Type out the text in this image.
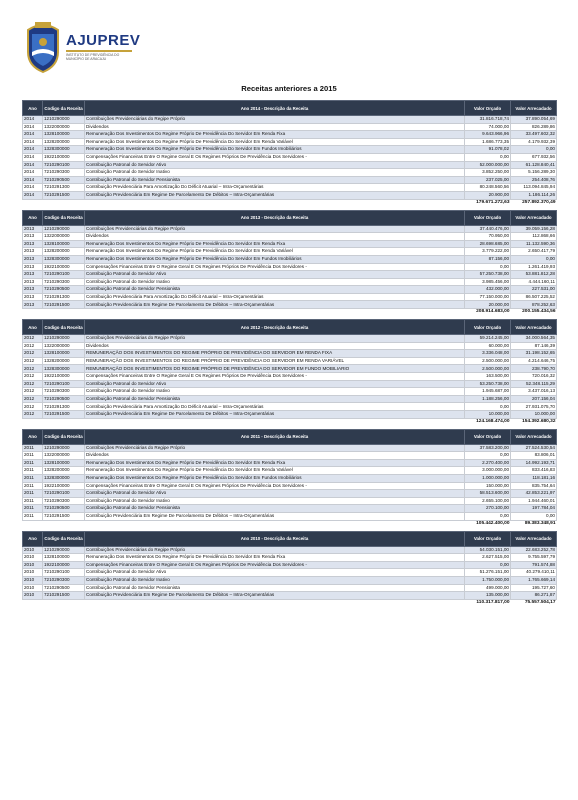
AJUPREV
INSTITUTO DE PREVIDÊNCIA DO MUNICÍPIO DE ARACAJU
Receitas anteriores a 2015
Ano	Codigo da Receita	Ano 2014 - Descrição da Receita	Valor Orçado	Valor Arrecadado
2014	1210290000	Contribuições Previdenciárias do Regipe Próprio	31.816.718,74	37.890.054,69
2014	1322000000	Dividendos	74.000,00	826.289,86
2014	1328100000	Remuneração Dos Investimentos Do Regime Próprio De Previdência Do Servidor Em Renda Fixa	9.643.966,96	33.497.602,32
2014	1328200000	Remuneração Dos Investimentos Do Regime Próprio De Previdência Do Servidor Em Renda Variável	1.686.773,35	4.179.932,39
2014	1328300000	Remuneração Dos Investimentos Do Regime Próprio De Previdência Do Servidor Em Fundos Imobiliários	91.078,02	0,00
2014	1922100000	Compensações Financeiras Entre O Regime Geral E Os Regimes Próprios De Previdência Dos Servidores -	0,00	677.932,56
2014	7210290100	Contribuição Patronal do Servidor Ativo	52.000.000,00	61.128.840,41
2014	7210290300	Contribuição Patronal do Servidor Inativo	3.852.250,00	5.156.289,30
2014	7210290500	Contribuição Patronal do Servidor Pensionista	237.025,00	254.408,76
2014	7210291300	Contribuição Previdenciária Para Amortização Do Déficit Atuarial – Intra-Orçamentárias	80.248.560,56	113.094.845,94
2014	7210291500	Contribuição Previdenciária Em Regime De Parcelamento De Débitos – Intra-Orçamentárias	20.900,00	1.186.114,26
			179.671.272,63	257.892.370,49
Ano	Codigo da Receita	Ano 2013 - Descrição da Receita	Valor Orçado	Valor Arrecadado
2013	1210290000	Contribuições Previdenciárias do Regipe Próprio	37.440.476,00	39.059.156,28
2013	1322000000	Dividendos	70.950,00	112.868,66
2013	1328100000	Remuneração Dos Investimentos Do Regime Próprio De Previdência Do Servidor Em Renda Fixa	28.698.685,00	11.132.590,36
2013	1328200000	Remuneração Dos Investimentos Do Regime Próprio De Previdência Do Servidor Em Renda Variável	3.779.222,00	2.650.417,79
2013	1328300000	Remuneração Dos Investimentos Do Regime Próprio De Previdência Do Servidor Em Fundos Imobiliários	87.156,00	0,00
2013	1922100000	Compensações Financeiras Entre O Regime Geral E Os Regimes Próprios De Previdência Dos Servidores -	0,00	1.261.419,93
2013	7210290100	Contribuição Patronal do Servidor Ativo	57.250.738,00	53.881.812,28
2013	7210290300	Contribuição Patronal do Servidor Inativo	3.985.456,00	4.444.160,11
2013	7210290500	Contribuição Patronal do Servidor Pensionista	432.000,00	227.531,00
2013	7210291300	Contribuição Previdenciária Para Amortização Do Déficit Atuarial – Intra-Orçamentárias	77.150.000,00	86.507.225,52
2013	7210291500	Contribuição Previdenciária Em Regime De Parcelamento De Débitos – Intra-Orçamentárias	20.000,00	878.252,63
			208.914.683,00	200.155.434,56
Ano	Codigo da Receita	Ano 2012 - Descrição da Receita	Valor Orçado	Valor Arrecadado
2012	1210290000	Contribuições Previdenciárias do Regipe Próprio	59.214.245,00	34.000.564,35
2012	1322000000	Dividendos	60.000,00	87.146,39
2012	1328100000	REMUNERAÇÃO DOS INVESTIMENTOS DO REGIME PRÓPRIO DE PREVIDÊNCIA DO SERVIDOR EM RENDA FIXA	3.336.048,00	31.198.152,65
2012	1328200000	REMUNERAÇÃO DOS INVESTIMENTOS DO REGIME PRÓPRIO DE PREVIDÊNCIA DO SERVIDOR EM RENDA VARIÁVEL	2.500.000,00	4.214.646,75
2012	1328300000	REMUNERAÇÃO DOS INVESTIMENTOS DO REGIME PRÓPRIO DE PREVIDÊNCIA DO SERVIDOR EM FUNDO MOBILIARIO	2.500.000,00	238.790,70
2012	1922100000	Compensações Financeiras Entre O Regime Geral E Os Regimes Próprios De Previdência Dos Servidores -	163.500,00	720.016,32
2012	7210290100	Contribuição Patronal do Servidor Ativo	53.250.738,00	52.348.115,29
2012	7210290300	Contribuição Patronal do Servidor Inativo	1.945.687,00	3.437.016,13
2012	7210290500	Contribuição Patronal do Servidor Pensionista	1.188.256,00	207.156,04
2012	7210291300	Contribuição Previdenciária Para Amortização Do Déficit Atuarial – Intra-Orçamentárias	0,00	27.931.075,70
2012	7210291500	Contribuição Previdenciária Em Regime De Parcelamento De Débitos – Intra-Orçamentárias	10.000,00	10.000,00
			124.168.474,00	154.392.680,32
Ano	Codigo da Receita	Ano 2011 - Descrição da Receita	Valor Orçado	Valor Arrecadado
2011	1210290000	Contribuições Previdenciárias do Regipe Próprio	37.583.200,00	27.524.530,54
2011	1322000000	Dividendos	0,00	83.806,01
2011	1328100000	Remuneração Dos Investimentos Do Regime Próprio De Previdência Do Servidor Em Renda Fixa	2.270.400,00	14.992.193,71
2011	1328200000	Remuneração Dos Investimentos Do Regime Próprio De Previdência Do Servidor Em Renda Variável	3.000.000,00	833.416,83
2011	1328300000	Remuneração Dos Investimentos Do Regime Próprio De Previdência Do Servidor Em Fundos Imobiliários	1.000.000,00	118.181,16
2011	1922100000	Compensações Financeiras Entre O Regime Geral E Os Regimes Próprios De Previdência Dos Servidores -	150.000,00	835.754,64
2011	7210290100	Contribuição Patronal do Servidor Ativo	58.513.600,00	42.853.221,97
2011	7210290300	Contribuição Patronal do Servidor Inativo	2.655.100,00	1.944.460,01
2011	7210290500	Contribuição Patronal do Servidor Pensionista	270.100,00	197.784,04
2011	7210291500	Contribuição Previdenciária Em Regime De Parcelamento De Débitos – Intra-Orçamentárias	0,00	0,00
			105.442.400,00	89.383.348,91
Ano	Codigo da Receita	Ano 2010 - Descrição da Receita	Valor Orçado	Valor Arrecadado
2010	1210290000	Contribuições Previdenciárias do Regipe Próprio	54.030.151,00	22.683.252,78
2010	1328100000	Remuneração Dos Investimentos Do Regime Próprio De Previdência Do Servidor Em Renda Fixa	2.627.515,00	9.755.597,79
2010	1922100000	Compensações Financeiras Entre O Regime Geral E Os Regimes Próprios De Previdência Dos Servidores -	0,00	791.574,88
2010	7210290100	Contribuição Patronal do Servidor Ativo	51.276.151,00	40.279.410,11
2010	7210290300	Contribuição Patronal do Servidor Inativo	1.750.000,00	1.765.669,14
2010	7210290500	Contribuição Patronal do Servidor Pensionista	499.000,00	195.727,60
2010	7210291500	Contribuição Previdenciária Em Regime De Parcelamento De Débitos – Intra-Orçamentárias	135.000,00	86.271,87
			110.317.817,00	75.557.504,17
